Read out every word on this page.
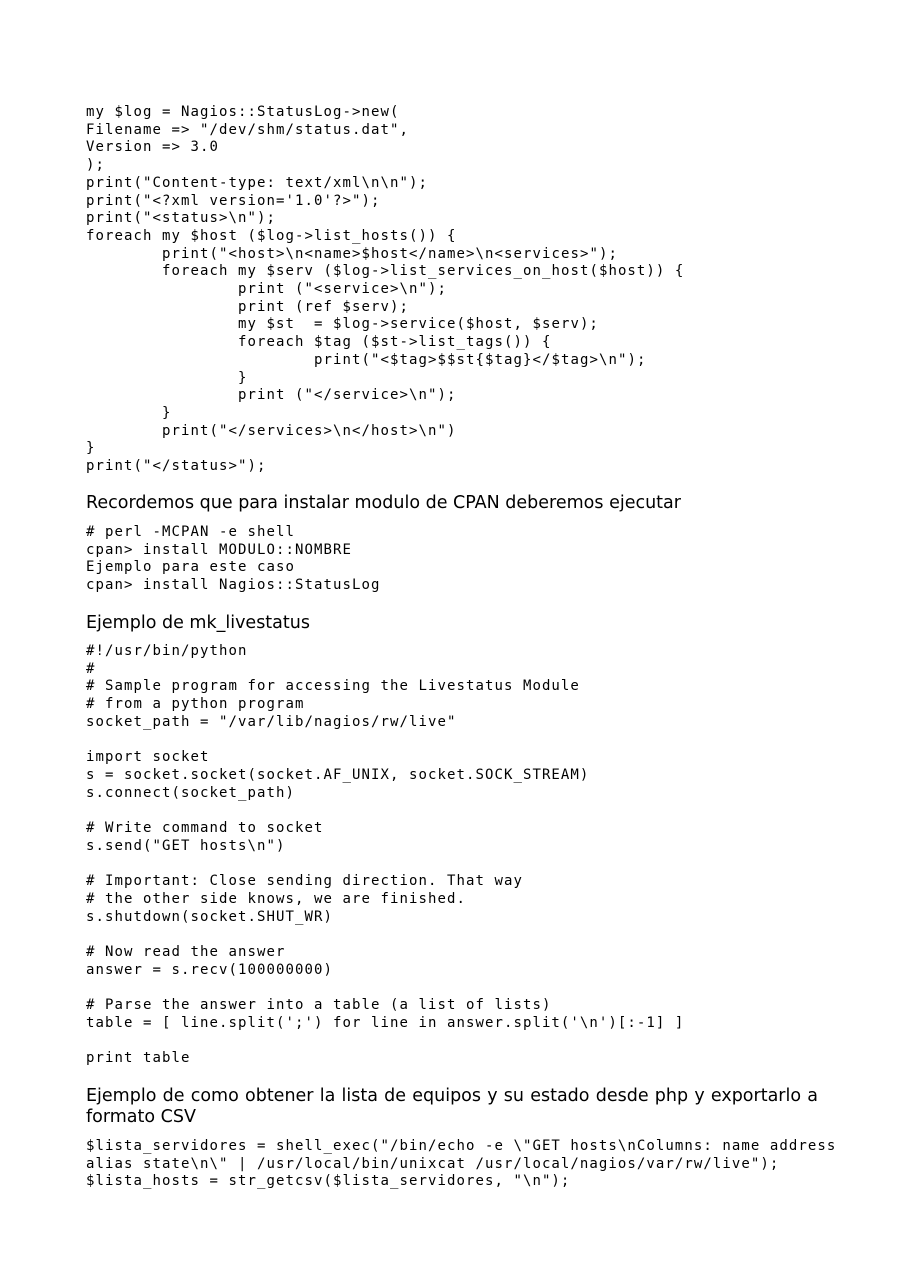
my $log = Nagios::StatusLog->new(
Filename => "/dev/shm/status.dat",
Version => 3.0
);
print("Content-type: text/xml\n\n");
print("<?xml version='1.0'?>");
print("<status>\n");
foreach my $host ($log->list_hosts()) {
	print("<host>\n<name>$host</name>\n<services>");
	foreach my $serv ($log->list_services_on_host($host)) {
		print ("<service>\n");
		print (ref $serv);
		my $st  = $log->service($host, $serv);
		foreach $tag ($st->list_tags()) {
			print("<$tag>$$st{$tag}</$tag>\n");
		}
		print ("</service>\n");
	}
	print("</services>\n</host>\n")
}
print("</status>");

Recordemos que para instalar modulo de CPAN deberemos ejecutar

# perl -MCPAN -e shell
cpan> install MODULO::NOMBRE
Ejemplo para este caso
cpan> install Nagios::StatusLog

Ejemplo de mk_livestatus

#!/usr/bin/python
#
# Sample program for accessing the Livestatus Module
# from a python program
socket_path = "/var/lib/nagios/rw/live"

import socket
s = socket.socket(socket.AF_UNIX, socket.SOCK_STREAM)
s.connect(socket_path)

# Write command to socket
s.send("GET hosts\n")

# Important: Close sending direction. That way
# the other side knows, we are finished.
s.shutdown(socket.SHUT_WR)

# Now read the answer
answer = s.recv(100000000)

# Parse the answer into a table (a list of lists)
table = [ line.split(';') for line in answer.split('\n')[:-1] ]

print table

Ejemplo de como obtener la lista de equipos y su estado desde php y exportarlo a formato CSV

$lista_servidores = shell_exec("/bin/echo -e \"GET hosts\nColumns: name address
alias state\n\" | /usr/local/bin/unixcat /usr/local/nagios/var/rw/live");
$lista_hosts = str_getcsv($lista_servidores, "\n");
